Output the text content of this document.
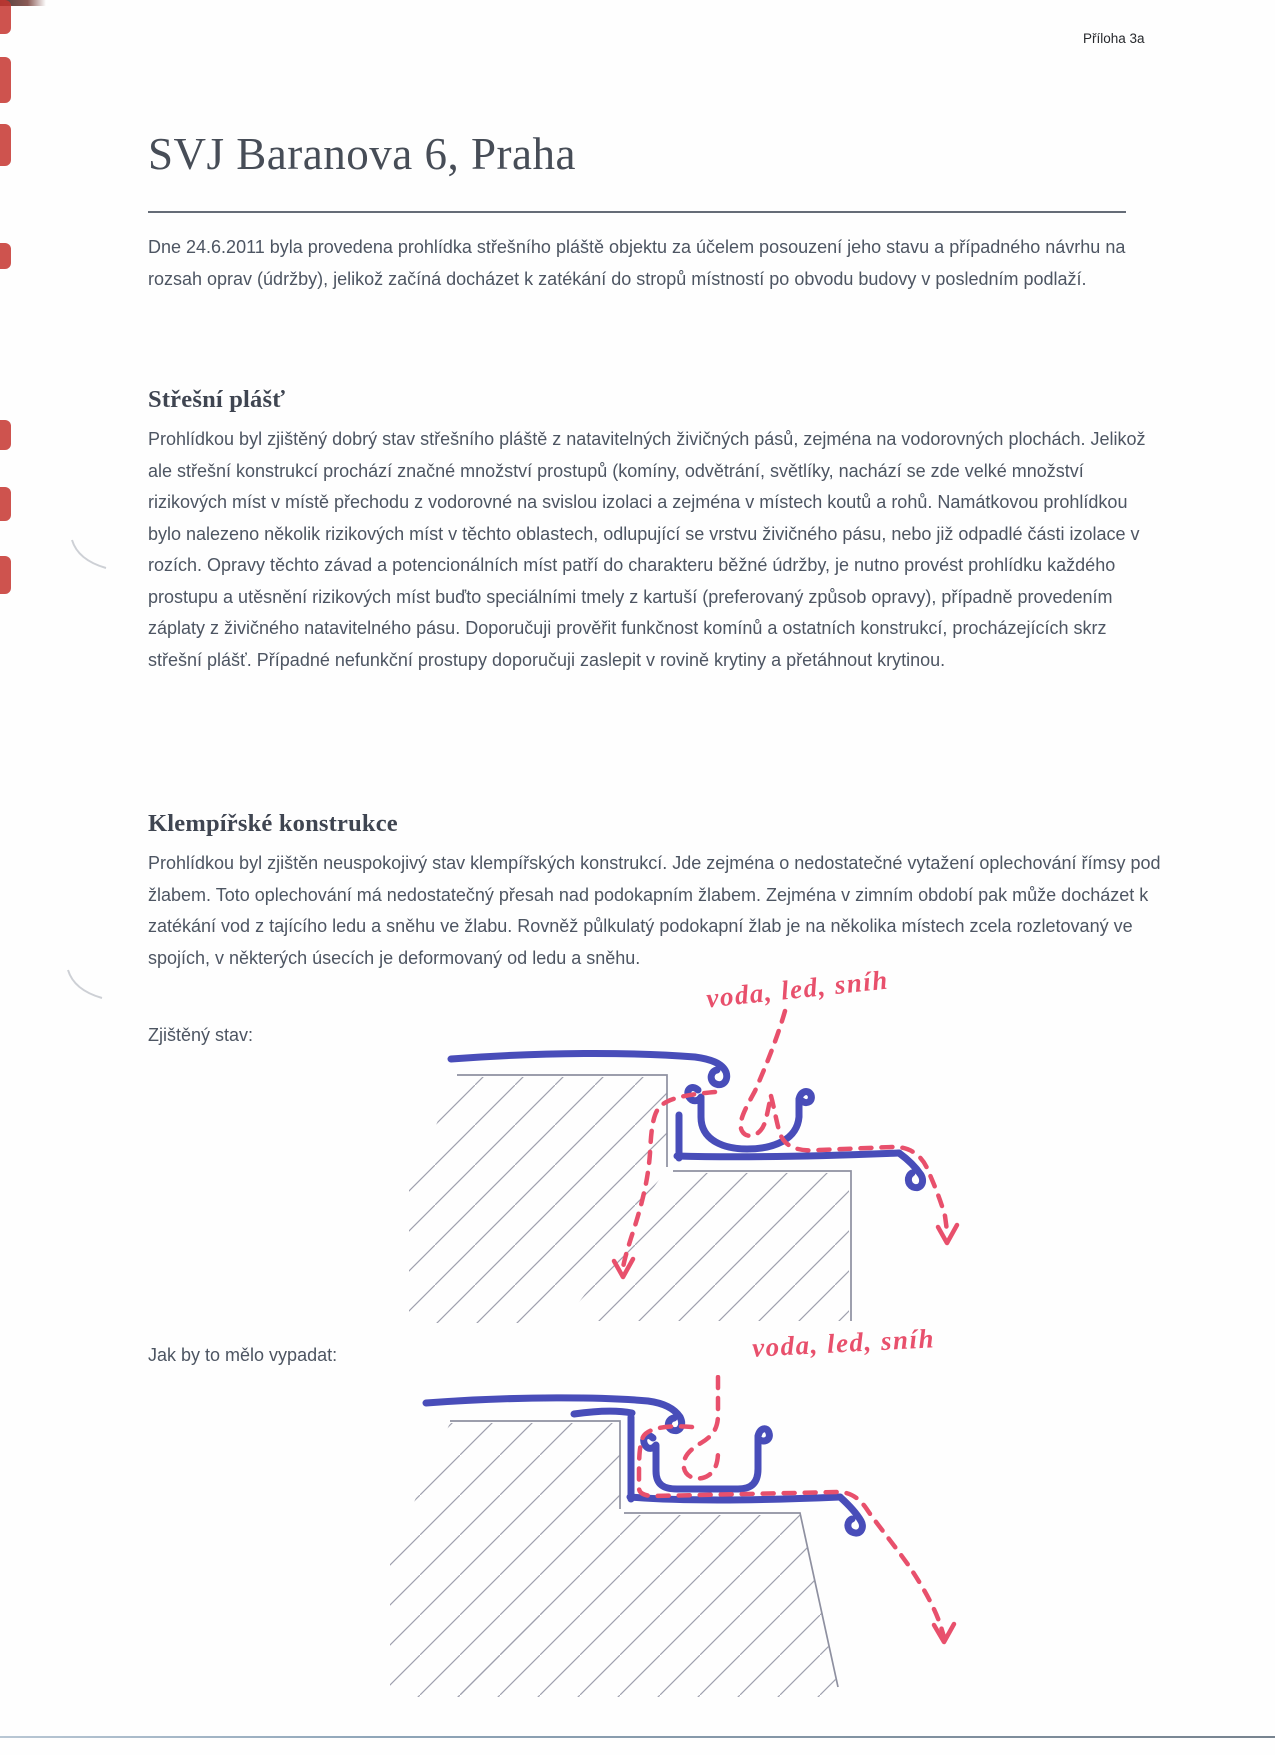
Příloha 3a
SVJ Baranova 6, Praha

Dne 24.6.2011 byla provedena prohlídka střešního pláště objektu za účelem posouzení jeho stavu a případného návrhu na rozsah oprav (údržby), jelikož začíná docházet k zatékání do stropů místností po obvodu budovy v posledním podlaží.

Střešní plášť

Prohlídkou byl zjištěný dobrý stav střešního pláště z natavitelných živičných pásů, zejména na vodorovných plochách. Jelikož ale střešní konstrukcí prochází značné množství prostupů (komíny, odvětrání, světlíky, nachází se zde velké množství rizikových míst v místě přechodu z vodorovné na svislou izolaci a zejména v místech koutů a rohů. Namátkovou prohlídkou bylo nalezeno několik rizikových míst v těchto oblastech, odlupující se vrstvu živičného pásu, nebo již odpadlé části izolace v rozích. Opravy těchto závad a potencionálních míst patří do charakteru běžné údržby, je nutno provést prohlídku každého prostupu a utěsnění rizikových míst buďto speciálními tmely z kartuší (preferovaný způsob opravy), případně provedením záplaty z živičného natavitelného pásu. Doporučuji prověřit funkčnost komínů a ostatních konstrukcí, procházejících skrz střešní plášť. Případné nefunkční prostupy doporučuji zaslepit v rovině krytiny a přetáhnout krytinou.

Klempířské konstrukce

Prohlídkou byl zjištěn neuspokojivý stav klempířských konstrukcí. Jde zejména o nedostatečné vytažení oplechování římsy pod žlabem. Toto oplechování má nedostatečný přesah nad podokapním žlabem. Zejména v zimním období pak může docházet k zatékání vod z tajícího ledu a sněhu ve žlabu. Rovněž půlkulatý podokapní žlab je na několika místech zcela rozletovaný ve spojích, v některých úsecích je deformovaný od ledu a sněhu.

Zjištěný stav:
voda, led, sníh
Jak by to mělo vypadat:	voda, led, sníh
